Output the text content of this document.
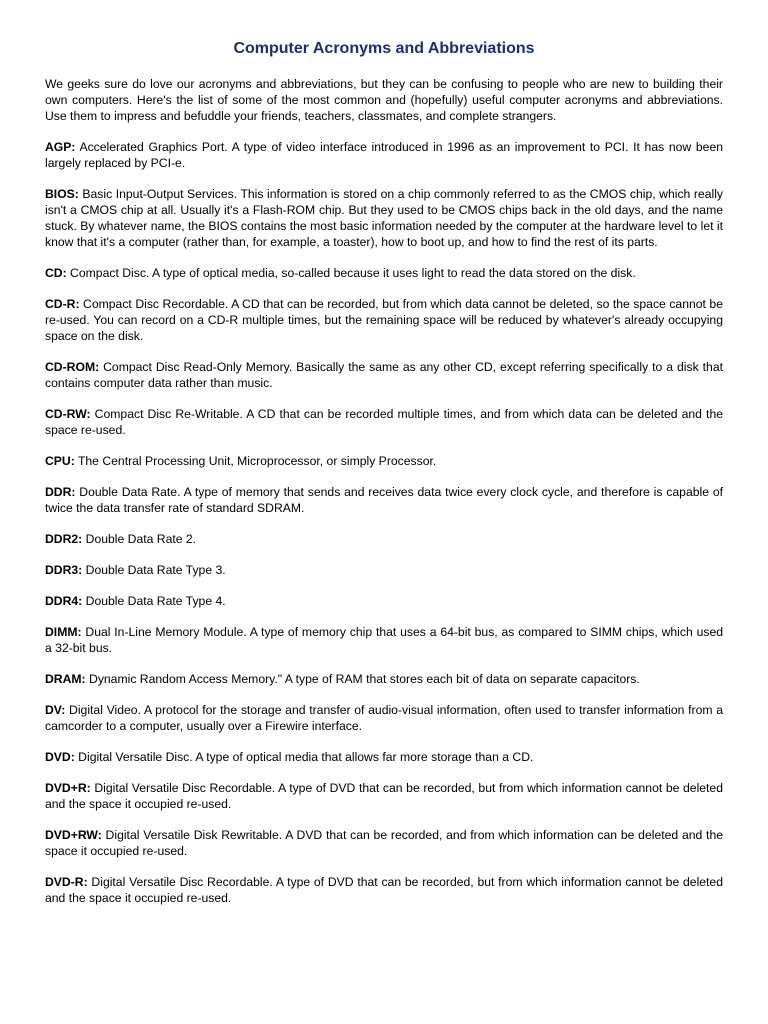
Computer Acronyms and Abbreviations

We geeks sure do love our acronyms and abbreviations, but they can be confusing to people who are new to building their own computers. Here's the list of some of the most common and (hopefully) useful computer acronyms and abbreviations. Use them to impress and befuddle your friends, teachers, classmates, and complete strangers.

AGP: Accelerated Graphics Port. A type of video interface introduced in 1996 as an improvement to PCI. It has now been largely replaced by PCI-e.

BIOS: Basic Input-Output Services. This information is stored on a chip commonly referred to as the CMOS chip, which really isn't a CMOS chip at all. Usually it's a Flash-ROM chip. But they used to be CMOS chips back in the old days, and the name stuck. By whatever name, the BIOS contains the most basic information needed by the computer at the hardware level to let it know that it's a computer (rather than, for example, a toaster), how to boot up, and how to find the rest of its parts.

CD: Compact Disc. A type of optical media, so-called because it uses light to read the data stored on the disk.

CD-R: Compact Disc Recordable. A CD that can be recorded, but from which data cannot be deleted, so the space cannot be re-used. You can record on a CD-R multiple times, but the remaining space will be reduced by whatever's already occupying space on the disk.

CD-ROM: Compact Disc Read-Only Memory. Basically the same as any other CD, except referring specifically to a disk that contains computer data rather than music.

CD-RW: Compact Disc Re-Writable. A CD that can be recorded multiple times, and from which data can be deleted and the space re-used.

CPU: The Central Processing Unit, Microprocessor, or simply Processor.

DDR: Double Data Rate. A type of memory that sends and receives data twice every clock cycle, and therefore is capable of twice the data transfer rate of standard SDRAM.

DDR2: Double Data Rate 2.

DDR3: Double Data Rate Type 3.

DDR4: Double Data Rate Type 4.

DIMM: Dual In-Line Memory Module. A type of memory chip that uses a 64-bit bus, as compared to SIMM chips, which used a 32-bit bus.

DRAM: Dynamic Random Access Memory." A type of RAM that stores each bit of data on separate capacitors.

DV: Digital Video. A protocol for the storage and transfer of audio-visual information, often used to transfer information from a camcorder to a computer, usually over a Firewire interface.

DVD: Digital Versatile Disc. A type of optical media that allows far more storage than a CD.

DVD+R: Digital Versatile Disc Recordable. A type of DVD that can be recorded, but from which information cannot be deleted and the space it occupied re-used.

DVD+RW: Digital Versatile Disk Rewritable. A DVD that can be recorded, and from which information can be deleted and the space it occupied re-used.

DVD-R: Digital Versatile Disc Recordable. A type of DVD that can be recorded, but from which information cannot be deleted and the space it occupied re-used.
